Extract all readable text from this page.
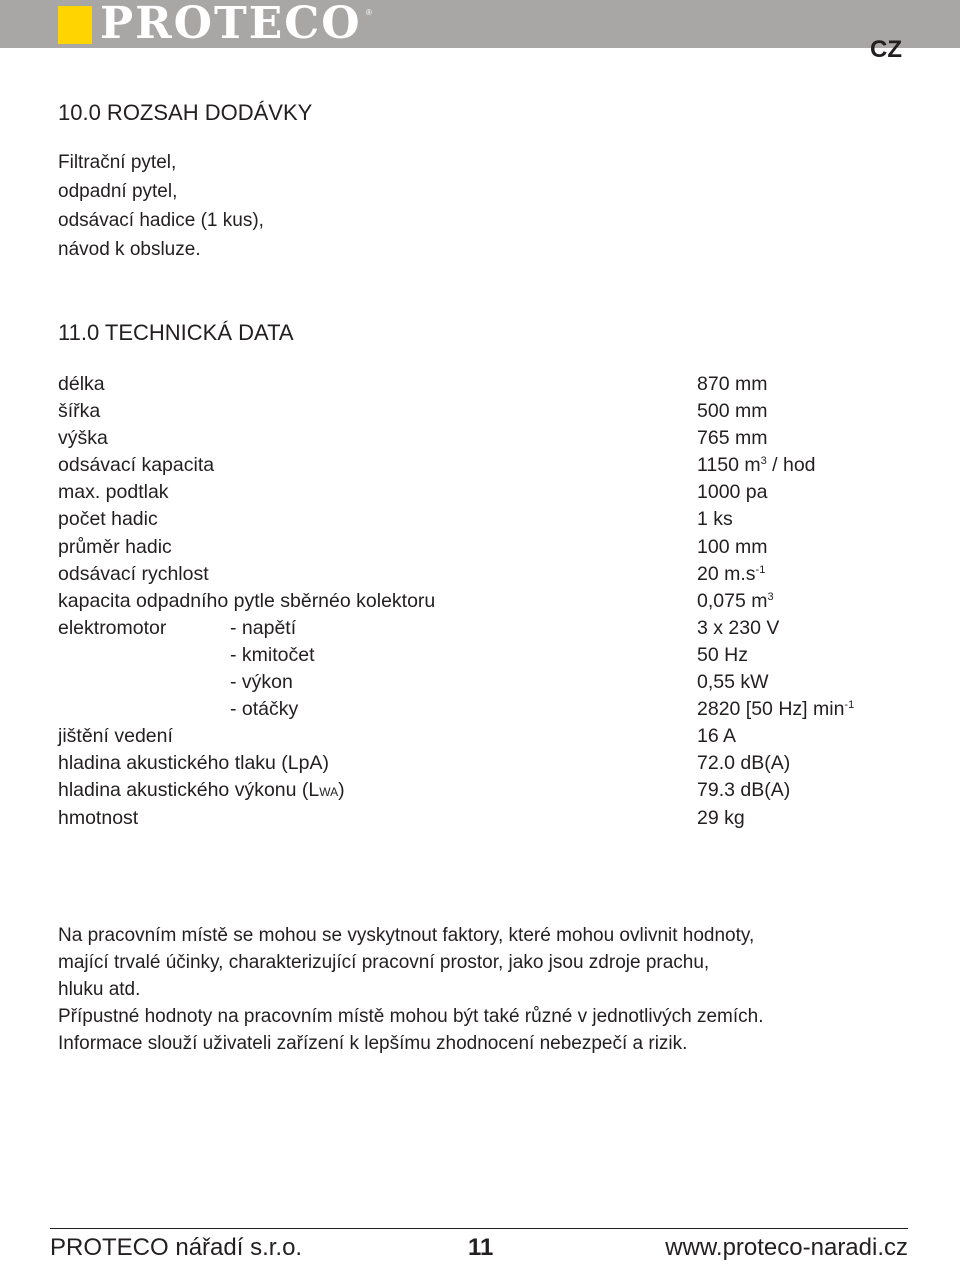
PROTECO ®
CZ
10.0 ROZSAH DODÁVKY
Filtrační pytel,
odpadní pytel,
odsávací hadice (1 kus),
návod k obsluze.
11.0 TECHNICKÁ DATA
délka	870 mm
šířka	500 mm
výška	765 mm
odsávací kapacita	1150 $m^3$ / hod
max. podtlak	1000 pa
počet hadic	1 ks
průměr hadic	100 mm
odsávací rychlost	20 $m.s^{-1}$
kapacita odpadního pytle sběrnéo kolektoru	0,075 $m^3$
elektromotor	- napětí	3 x 230 V
- kmitočet	50 Hz
- výkon	0,55 kW
- otáčky	2820 [50 Hz] $\min^{-1}$
jištění vedení	16 A
hladina akustického tlaku (LpA)	72.0 dB(A)
hladina akustického výkonu (LWA)	79.3 dB(A)
hmotnost	29 kg
Na pracovním místě se mohou se vyskytnout faktory, které mohou ovlivnit hodnoty,
mající trvalé účinky, charakterizující pracovní prostor, jako jsou zdroje prachu,
hluku atd.
Přípustné hodnoty na pracovním místě mohou být také různé v jednotlivých zemích.
Informace slouží uživateli zařízení k lepšímu zhodnocení nebezpečí a rizik.
PROTECO nářadí s.r.o.	11	www.proteco-naradi.cz
